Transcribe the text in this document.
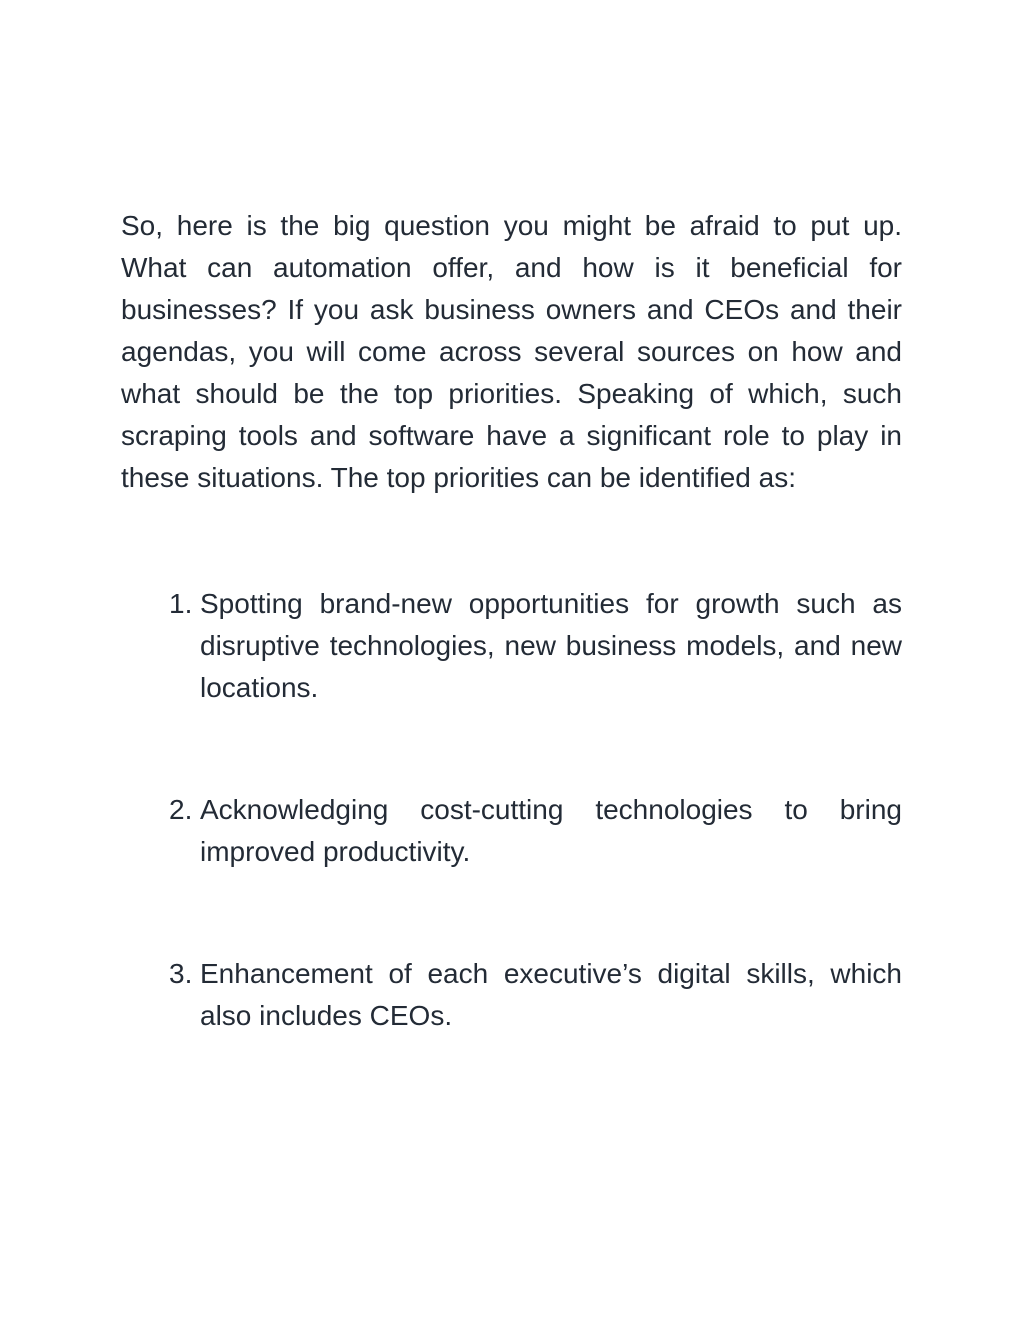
So, here is the big question you might be afraid to put up. What can automation offer, and how is it beneficial for businesses? If you ask business owners and CEOs and their agendas, you will come across several sources on how and what should be the top priorities. Speaking of which, such scraping tools and software have a significant role to play in these situations. The top priorities can be identified as:

1. Spotting brand-new opportunities for growth such as disruptive technologies, new business models, and new locations.
2. Acknowledging cost-cutting technologies to bring improved productivity.
3. Enhancement of each executive’s digital skills, which also includes CEOs.
